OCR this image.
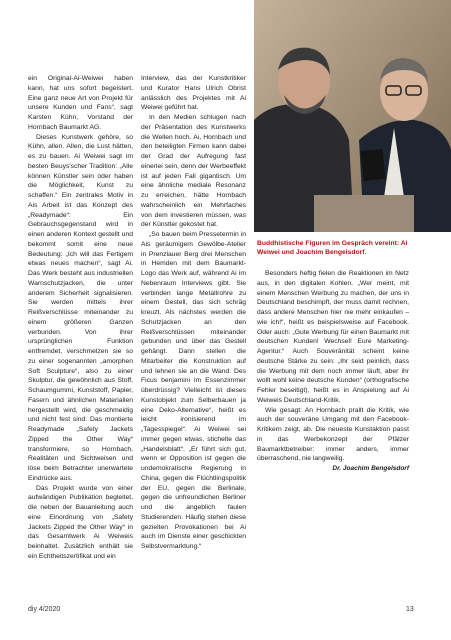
Buddhistische Figuren im Gespräch vereint: Ai Weiwei und Joachim Bengelsdorf.

ein Original-Ai-Weiwei haben kann, hat uns sofort begeistert. Eine ganz neue Art von Projekt für unsere Kunden und Fans“, sagt Karsten Kühn, Vorstand der Hornbach Baumarkt AG.

Dieses Kunstwerk gehöre, so Kühn, allen. Allen, die Lust hätten, es zu bauen. Ai Weiwei sagt im besten Beuys'scher Tradition: „Alle können Künstler sein oder haben die Möglichkeit, Kunst zu schaffen.“ Ein zentrales Motiv in Ais Arbeit ist das Konzept des „Readymade“: Ein Gebrauchsgegenstand wird in einen anderen Kontext gestellt und bekommt somit eine neue Bedeutung: „Ich will das Fertigem etwas neues machen“, sagt Ai. Das Werk besteht aus industriellen Warnschutzjacken, die unter anderem Sicherheit signalisieren. Sie werden mittels ihrer Reißverschlüsse miteinander zu einem größeren Ganzen verbunden. Von ihrer ursprünglichen Funktion entfremdet, verschmelzen sie so zu einer sogenannten „amorphen Soft Sculpture“, also zu einer Skulptur, die gewöhnlich aus Stoff, Schaumgummi, Kunststoff, Papier, Fasern und ähnlichen Materialien hergestellt wird, die geschmeidig und nicht fest sind. Das montierte Readymade „Safety Jackets Zipped the Other Way“ transformiere, so Hornbach, Realitäten und Sichtweisen und löse beim Betrachter unerwartete Eindrücke aus.

Das Projekt wurde von einer aufwändigen Publikation begleitet, die neben der Bauanleitung auch eine Einordnung von „Safety Jackets Zipped the Other Way“ in das Gesamtwerk Ai Weiweis beinhaltet. Zusätzlich enthält sie ein Echtheitszertifikat und ein

Interview, das der Kunstkritiker und Kurator Hans Ulrich Obrist anlässlich des Projektes mit Ai Weiwei geführt hat.

In den Medien schlugen nach der Präsentation des Kunstwerks die Wellen hoch. Ai, Hornbach und den beteiligten Firmen kann dabei der Grad der Aufregung fast einerlei sein, denn der Werbeeffekt ist auf jeden Fall gigantisch. Um eine ähnliche mediale Resonanz zu erreichen, hätte Hornbach wahrscheinlich ein Mehrfaches von dem investieren müssen, was der Künstler gekostet hat.

„So bauen beim Pressetermin in Ais geräumigem Gewölbe-Atelier in Prenzlauer Berg drei Menschen in Hemden mit dem Baumarkt-Logo das Werk auf, während Ai im Nebenraum Interviews gibt. Sie verbinden lange Metallrohre zu einem Gestell, das sich schräg kreuzt. Als nächstes werden die Schutzjacken an den Reißverschlüssen miteinander gebunden und über das Gestell gehängt. Dann stellen die Mitarbeiter die Konstruktion auf und lehnen sie an die Wand. Des Ficus benjamini im Essenzimmer überdrüssig? Vielleicht ist dieses Kunstobjekt zum Selberbauen ja eine Deko-Alternative“, heißt es leicht ironisierend im „Tagesspiegel“. Ai Weiwei sei immer gegen etwas, stichelte das „Handelsblatt“. „Er führt sich gut, wenn er Opposition ist gegen die undemokratische Regierung in China, gegen die Flüchtlingspolitik der EU, gegen die Berlinale, gegen die unfreundlichen Berliner und die angeblich faulen Studierenden. Häufig stehen diese gezielten Provokationen bei Ai auch im Dienste einer geschickten Selbstvermarktung.“

Besonders heftig fielen die Reaktionen im Netz aus, in den digitalen Kohlen. „Wer meint, mit einem Menschen Werbung zu machen, der uns in Deutschland beschimpft, der muss damit rechnen, dass andere Menschen hier nie mehr einkaufen – wie ich!“, heißt es beispielsweise auf Facebook. Oder auch: „Gute Werbung für einen Baumarkt mit deutschen Kunden! Wechsel! Eure Marketing-Agentur.“ Auch Souveränität scheint keine deutsche Stärke zu sein: „Ihr seid peinlich, dass die Werbung mit dem noch immer läuft, aber ihr wollt wohl keine deutsche Kunden“ (orthografische Fehler beseitigt), heißt es in Anspielung auf Ai Weiweis Deutschland-Kritik.

Wie gesagt: An Hornbach prallt die Kritik, wie auch der souveräne Umgang mit den Facebook-Kritikern zeigt, ab. Die neueste Kunstaktion passt in das Werbekonzept der Pfälzer Baumarktbetreiber: immer anders, immer überraschend, nie langweilig.

Dr. Joachim Bengelsdorf

diy 4/2020	13
